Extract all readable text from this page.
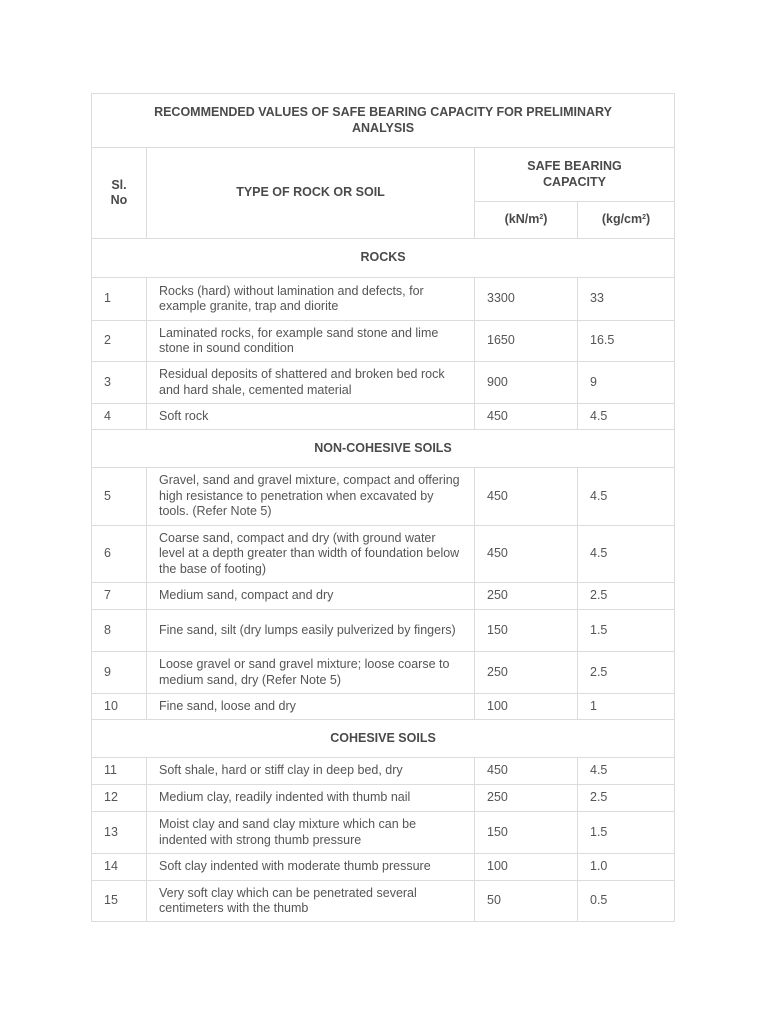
RECOMMENDED VALUES OF SAFE BEARING CAPACITY FOR PRELIMINARY ANALYSIS			
Sl. No	TYPE OF ROCK OR SOIL	SAFE BEARING CAPACITY	
		$(kN/m^2)$	$(kg/cm^2)$
ROCKS			
1	Rocks (hard) without lamination and defects, for example granite, trap and diorite	3300	33
2	Laminated rocks, for example sand stone and lime stone in sound condition	1650	16.5
3	Residual deposits of shattered and broken bed rock and hard shale, cemented material	900	9
4	Soft rock	450	4.5
NON-COHESIVE SOILS			
5	Gravel, sand and gravel mixture, compact and offering high resistance to penetration when excavated by tools. (Refer Note 5)	450	4.5
6	Coarse sand, compact and dry (with ground water level at a depth greater than width of foundation below the base of footing)	450	4.5
7	Medium sand, compact and dry	250	2.5
8	Fine sand, silt (dry lumps easily pulverized by fingers)	150	1.5
9	Loose gravel or sand gravel mixture; loose coarse to medium sand, dry (Refer Note 5)	250	2.5
10	Fine sand, loose and dry	100	1
COHESIVE SOILS			
11	Soft shale, hard or stiff clay in deep bed, dry	450	4.5
12	Medium clay, readily indented with thumb nail	250	2.5
13	Moist clay and sand clay mixture which can be indented with strong thumb pressure	150	1.5
14	Soft clay indented with moderate thumb pressure	100	1.0
15	Very soft clay which can be penetrated several centimeters with the thumb	50	0.5
